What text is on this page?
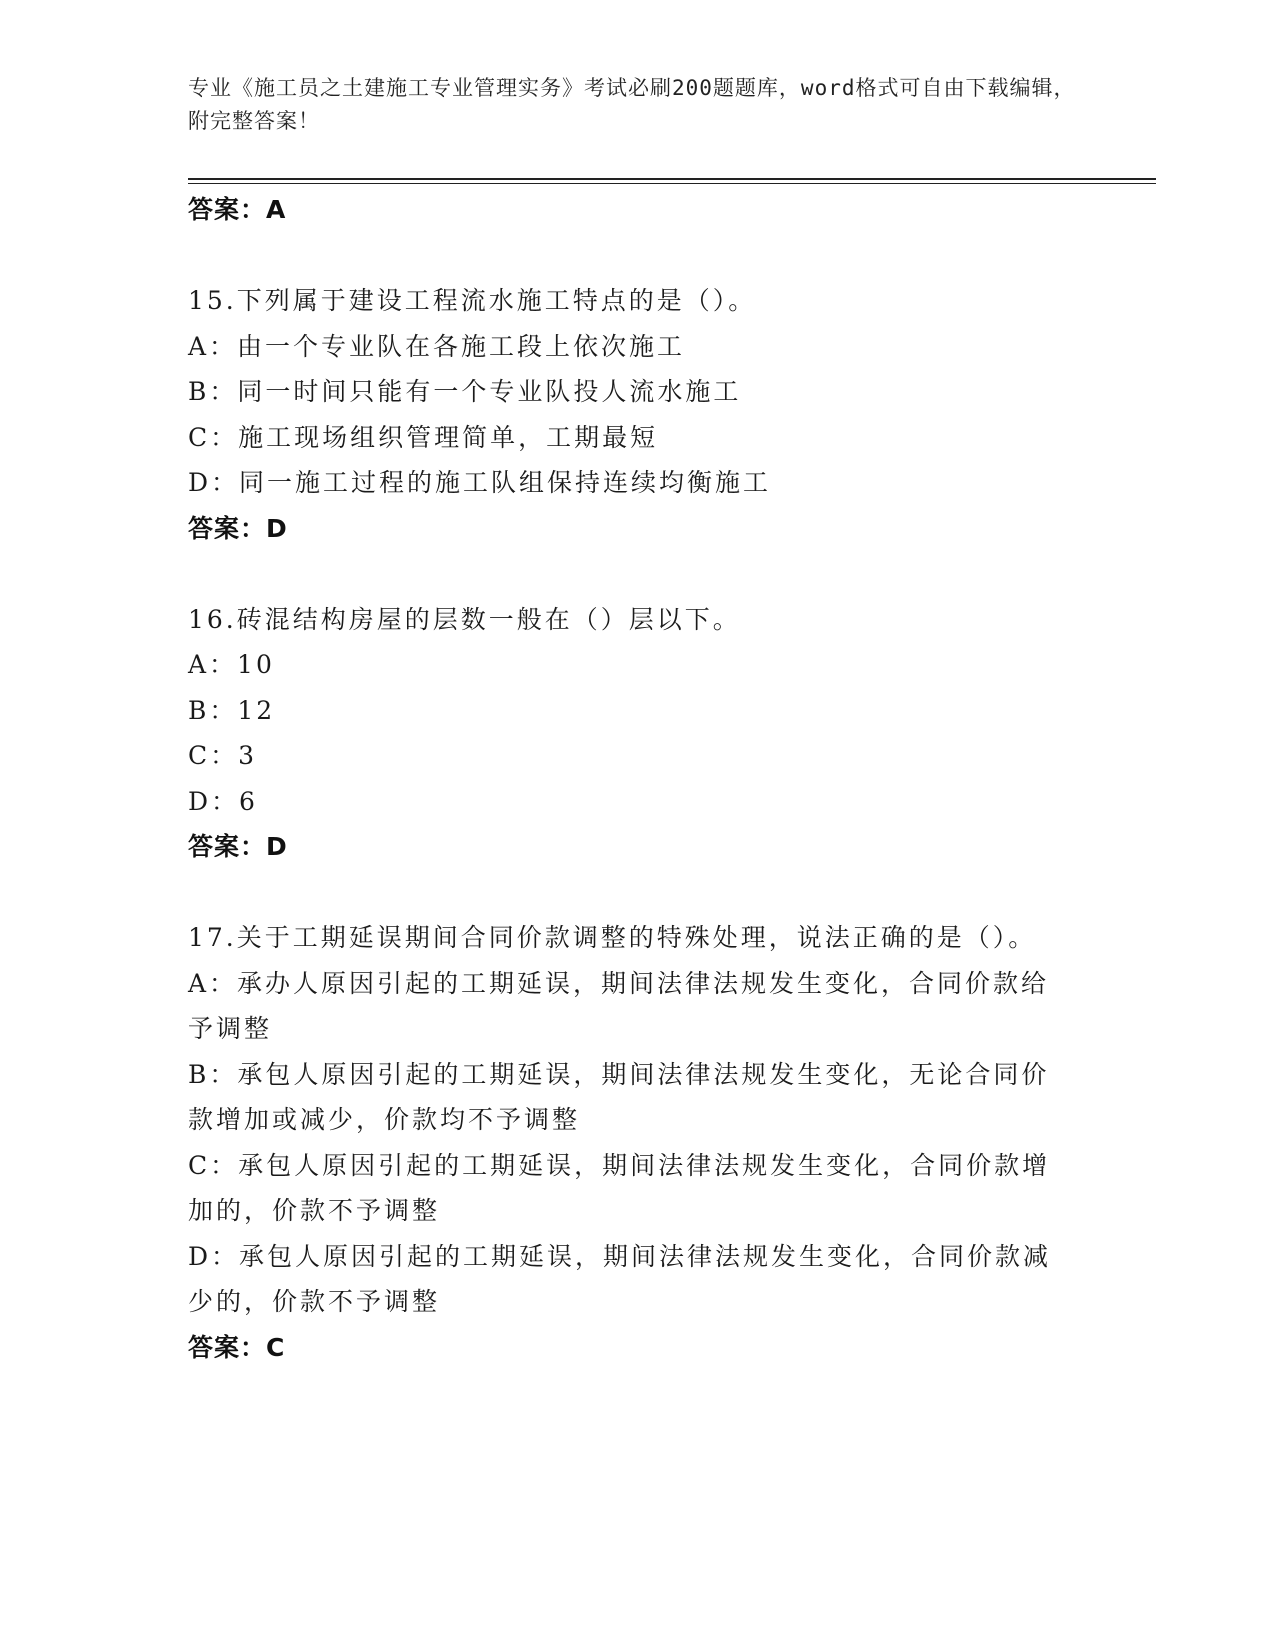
专业《施工员之土建施工专业管理实务》考试必刷200题题库，word格式可自由下载编辑，附完整答案！
答案：A
15.下列属于建设工程流水施工特点的是（）。
A：由一个专业队在各施工段上依次施工
B：同一时间只能有一个专业队投人流水施工
C：施工现场组织管理简单，工期最短
D：同一施工过程的施工队组保持连续均衡施工
答案：D
16.砖混结构房屋的层数一般在（）层以下。
A：10
B：12
C：3
D：6
答案：D
17.关于工期延误期间合同价款调整的特殊处理，说法正确的是（）。
A：承办人原因引起的工期延误，期间法律法规发生变化，合同价款给予调整
B：承包人原因引起的工期延误，期间法律法规发生变化，无论合同价款增加或减少，价款均不予调整
C：承包人原因引起的工期延误，期间法律法规发生变化，合同价款增加的，价款不予调整
D：承包人原因引起的工期延误，期间法律法规发生变化，合同价款减少的，价款不予调整
答案：C
